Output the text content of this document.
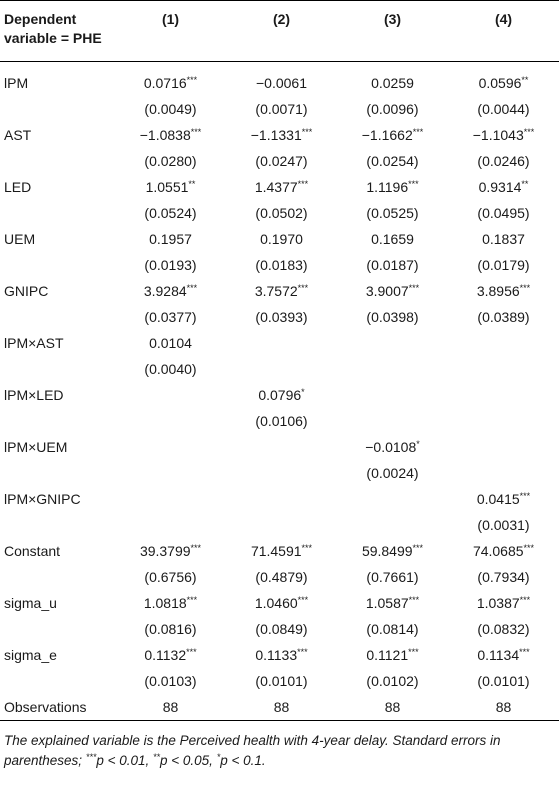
Dependent
variable = PHE	(1)	(2)	(3)	(4)
lPM	0.0716***	−0.0061	0.0259	0.0596**
	(0.0049)	(0.0071)	(0.0096)	(0.0044)
AST	−1.0838***	−1.1331***	−1.1662***	−1.1043***
	(0.0280)	(0.0247)	(0.0254)	(0.0246)
LED	1.0551**	1.4377***	1.1196***	0.9314**
	(0.0524)	(0.0502)	(0.0525)	(0.0495)
UEM	0.1957	0.1970	0.1659	0.1837
	(0.0193)	(0.0183)	(0.0187)	(0.0179)
GNIPC	3.9284***	3.7572***	3.9007***	3.8956***
	(0.0377)	(0.0393)	(0.0398)	(0.0389)
lPM×AST	0.0104			
	(0.0040)			
lPM×LED		0.0796*		
		(0.0106)		
lPM×UEM			−0.0108*	
			(0.0024)	
lPM×GNIPC				0.0415***
				(0.0031)
Constant	39.3799***	71.4591***	59.8499***	74.0685***
	(0.6756)	(0.4879)	(0.7661)	(0.7934)
sigma_u	1.0818***	1.0460***	1.0587***	1.0387***
	(0.0816)	(0.0849)	(0.0814)	(0.0832)
sigma_e	0.1132***	0.1133***	0.1121***	0.1134***
	(0.0103)	(0.0101)	(0.0102)	(0.0101)
Observations	88	88	88	88
The explained variable is the Perceived health with 4-year delay. Standard errors in parentheses; ***p < 0.01, **p < 0.05, *p < 0.1.
